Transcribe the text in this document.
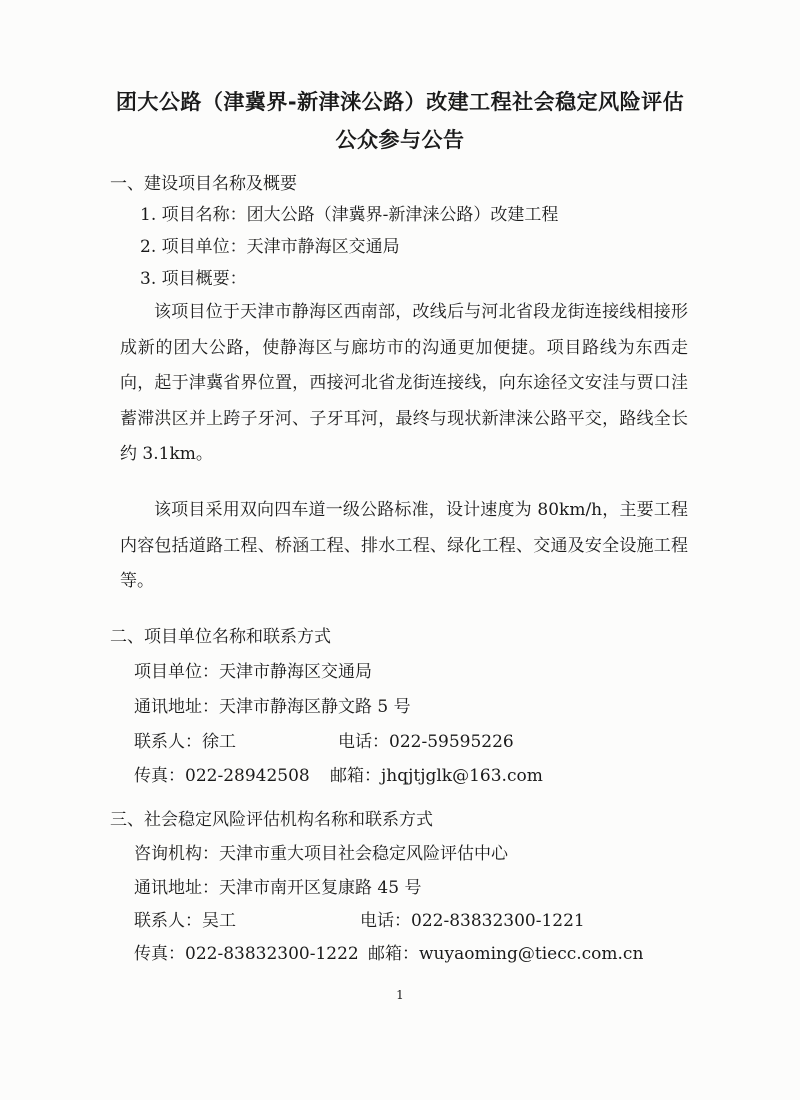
团大公路（津冀界-新津涞公路）改建工程社会稳定风险评估
公众参与公告
一、建设项目名称及概要
1. 项目名称：团大公路（津冀界-新津涞公路）改建工程
2. 项目单位：天津市静海区交通局
3. 项目概要：
该项目位于天津市静海区西南部，改线后与河北省段龙街连接线相接形成新的团大公路，使静海区与廊坊市的沟通更加便捷。项目路线为东西走向，起于津冀省界位置，西接河北省龙街连接线，向东途径文安洼与贾口洼蓄滞洪区并上跨子牙河、子牙耳河，最终与现状新津涞公路平交，路线全长约 3.1km。
该项目采用双向四车道一级公路标准，设计速度为 80km/h，主要工程内容包括道路工程、桥涵工程、排水工程、绿化工程、交通及安全设施工程等。
二、项目单位名称和联系方式
项目单位：天津市静海区交通局
通讯地址：天津市静海区静文路 5 号
联系人：徐工	电话：022-59595226
传真：022-28942508 邮箱：jhqjtjglk@163.com
三、社会稳定风险评估机构名称和联系方式
咨询机构：天津市重大项目社会稳定风险评估中心
通讯地址：天津市南开区复康路 45 号
联系人：吴工	电话：022-83832300-1221
传真：022-83832300-1222 邮箱：wuyaoming@tiecc.com.cn
1
